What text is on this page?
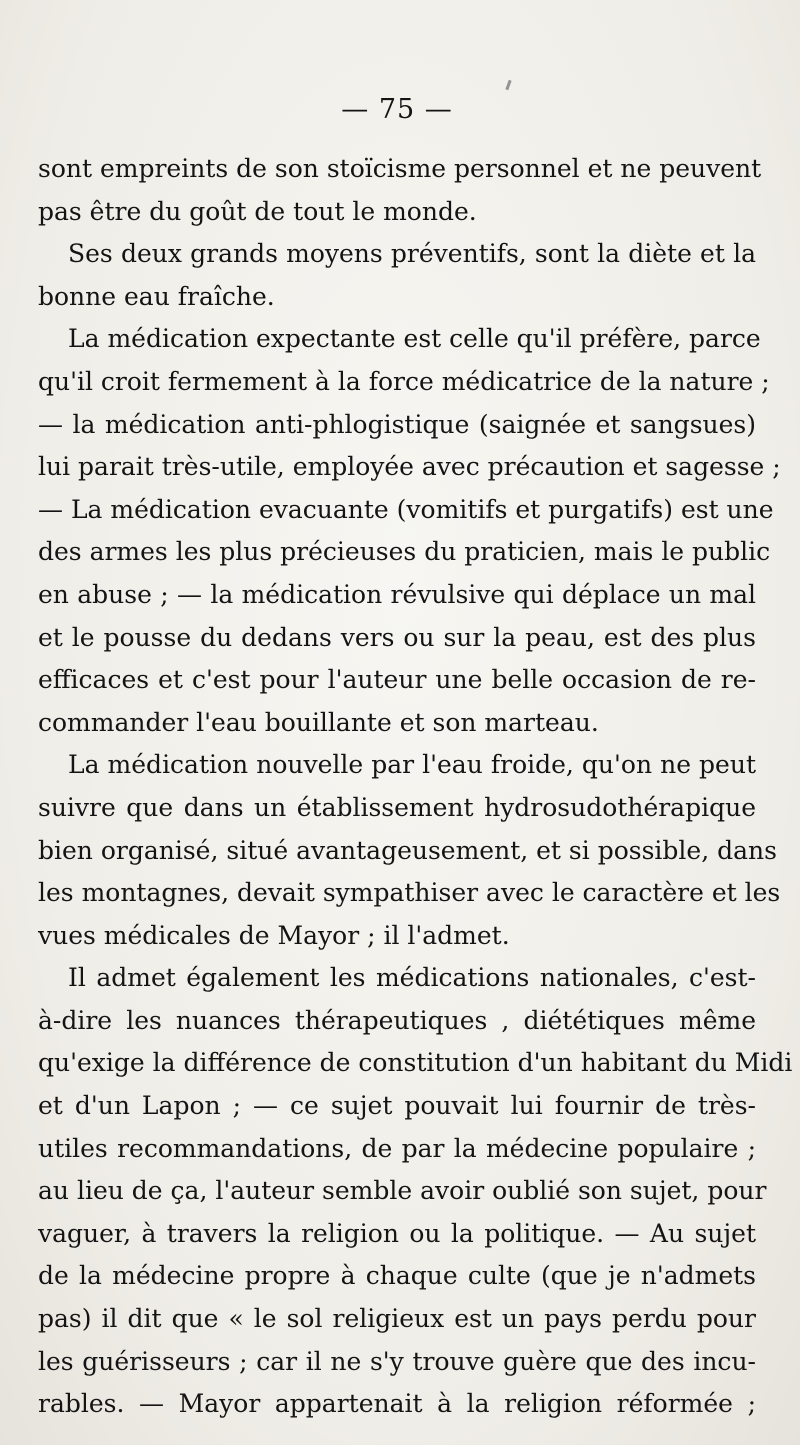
— 75 —
sont empreints de son stoïcisme personnel et ne peuvent
pas être du goût de tout le monde.
Ses deux grands moyens préventifs, sont la diète et la
bonne eau fraîche.
La médication expectante est celle qu'il préfère, parce
qu'il croit fermement à la force médicatrice de la nature ;
— la médication anti-phlogistique (saignée et sangsues)
lui parait très-utile, employée avec précaution et sagesse ;
— La médication evacuante (vomitifs et purgatifs) est une
des armes les plus précieuses du praticien, mais le public
en abuse ; — la médication révulsive qui déplace un mal
et le pousse du dedans vers ou sur la peau, est des plus
efficaces et c'est pour l'auteur une belle occasion de re-
commander l'eau bouillante et son marteau.
La médication nouvelle par l'eau froide, qu'on ne peut
suivre que dans un établissement hydrosudothérapique
bien organisé, situé avantageusement, et si possible, dans
les montagnes, devait sympathiser avec le caractère et les
vues médicales de Mayor ; il l'admet.
Il admet également les médications nationales, c'est-
à-dire les nuances thérapeutiques , diététiques même
qu'exige la différence de constitution d'un habitant du Midi
et d'un Lapon ; — ce sujet pouvait lui fournir de très-
utiles recommandations, de par la médecine populaire ;
au lieu de ça, l'auteur semble avoir oublié son sujet, pour
vaguer, à travers la religion ou la politique. — Au sujet
de la médecine propre à chaque culte (que je n'admets
pas) il dit que « le sol religieux est un pays perdu pour
les guérisseurs ; car il ne s'y trouve guère que des incu-
rables. — Mayor appartenait à la religion réformée ;
